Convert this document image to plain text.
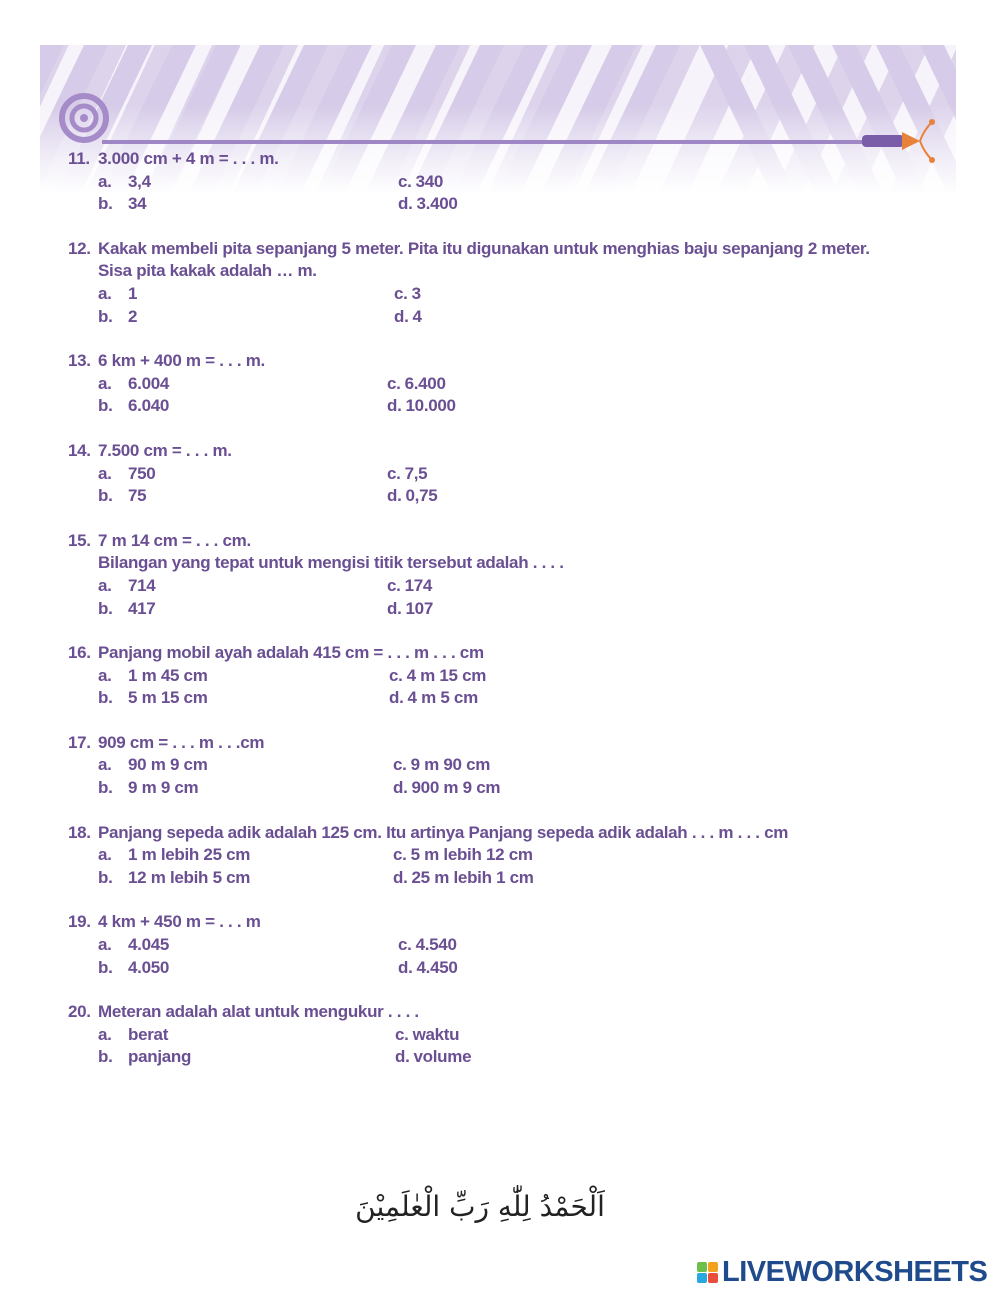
11. 3.000 cm + 4 m = . . . m.
a. 3,4	c. 340
b. 34	d. 3.400
12. Kakak membeli pita sepanjang 5 meter. Pita itu digunakan untuk menghias baju sepanjang 2 meter.
Sisa pita kakak adalah … m.
a. 1	c. 3
b. 2	d. 4
13. 6 km + 400 m = . . . m.
a. 6.004	c. 6.400
b. 6.040	d. 10.000
14. 7.500 cm = . . . m.
a. 750	c. 7,5
b. 75	d. 0,75
15. 7 m 14 cm = . . . cm.
Bilangan yang tepat untuk mengisi titik tersebut adalah . . . .
a. 714	c. 174
b. 417	d. 107
16. Panjang mobil ayah adalah 415 cm = . . . m . . . cm
a. 1 m 45 cm	c. 4 m 15 cm
b. 5 m 15 cm	d. 4 m 5 cm
17. 909 cm = . . . m . . .cm
a. 90 m 9 cm	c. 9 m 90 cm
b. 9 m 9 cm	d. 900 m 9 cm
18. Panjang sepeda adik adalah 125 cm. Itu artinya Panjang sepeda adik adalah . . . m . . . cm
a. 1 m lebih 25 cm	c. 5 m lebih 12 cm
b. 12 m lebih 5 cm	d. 25 m lebih 1 cm
19. 4 km + 450 m = . . . m
a. 4.045	c. 4.540
b. 4.050	d. 4.450
20. Meteran adalah alat untuk mengukur . . . .
a. berat	c. waktu
b. panjang	d. volume
اَلْحَمْدُ لِلّٰهِ رَبِّ الْعٰلَمِيْنَ
LIVEWORKSHEETS
